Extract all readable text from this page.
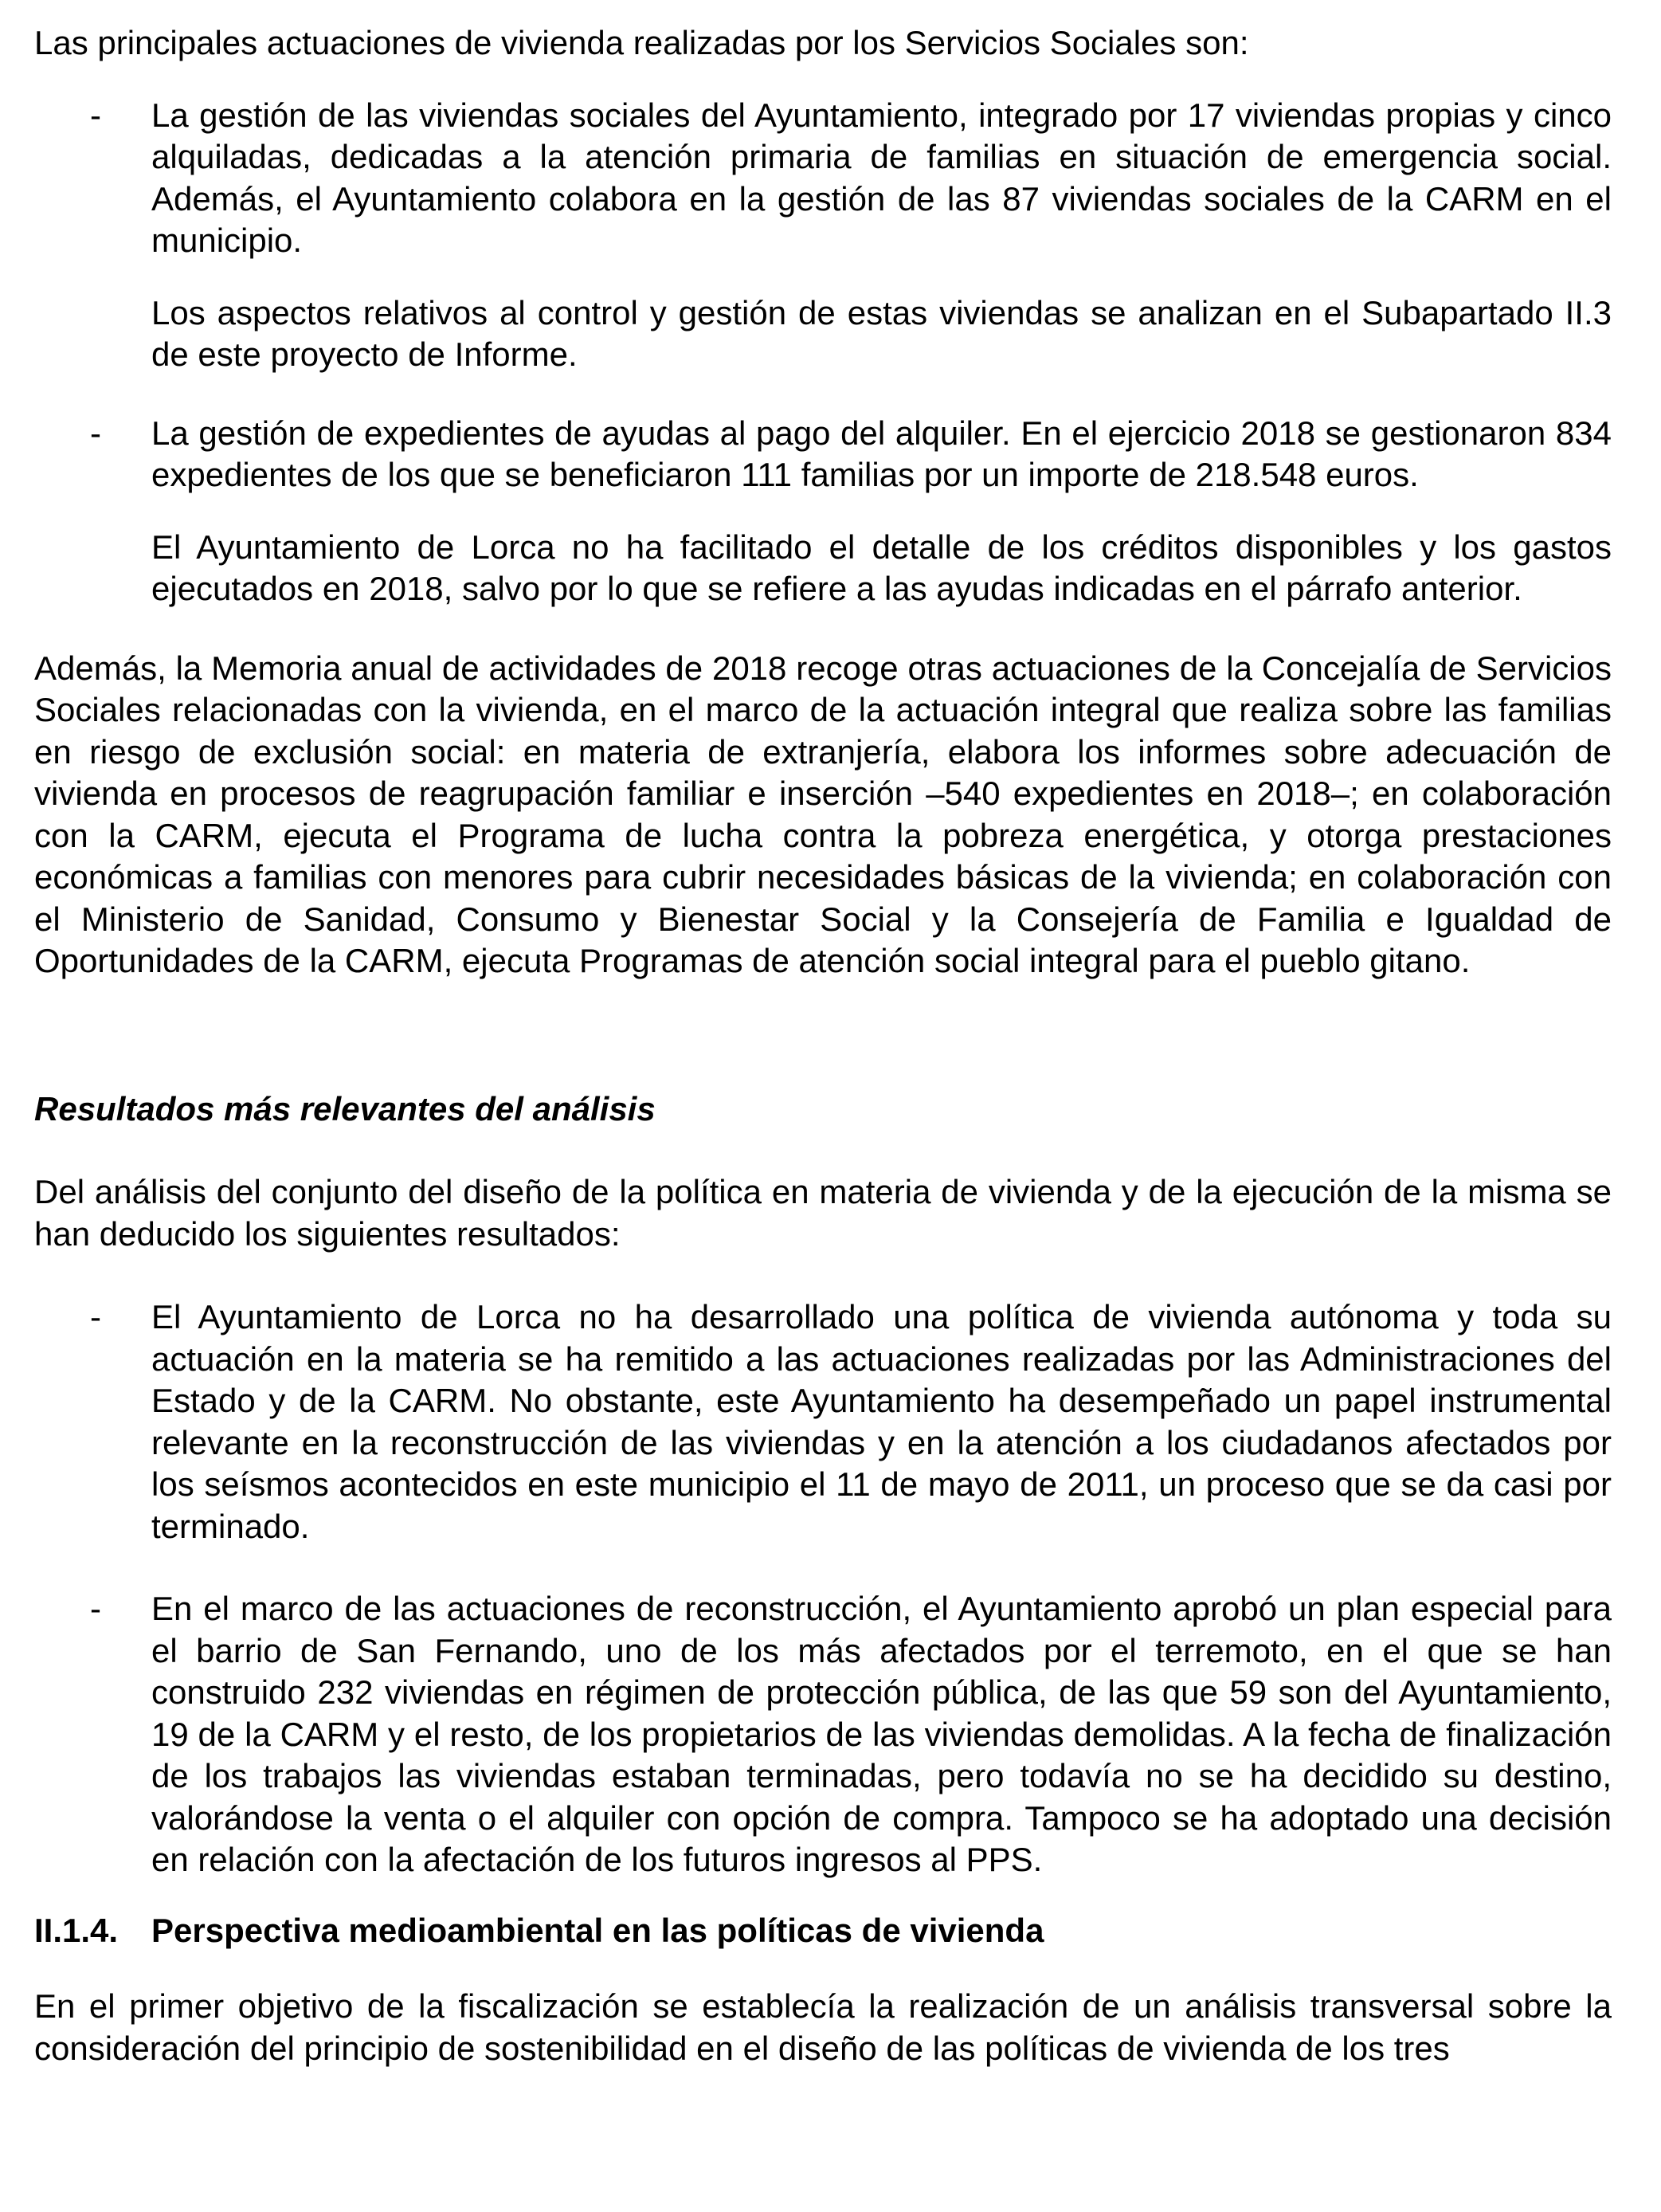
Las principales actuaciones de vivienda realizadas por los Servicios Sociales son:

- La gestión de las viviendas sociales del Ayuntamiento, integrado por 17 viviendas propias y cinco alquiladas, dedicadas a la atención primaria de familias en situación de emergencia social. Además, el Ayuntamiento colabora en la gestión de las 87 viviendas sociales de la CARM en el municipio.

Los aspectos relativos al control y gestión de estas viviendas se analizan en el Subapartado II.3 de este proyecto de Informe.

- La gestión de expedientes de ayudas al pago del alquiler. En el ejercicio 2018 se gestionaron 834 expedientes de los que se beneficiaron 111 familias por un importe de 218.548 euros.

El Ayuntamiento de Lorca no ha facilitado el detalle de los créditos disponibles y los gastos ejecutados en 2018, salvo por lo que se refiere a las ayudas indicadas en el párrafo anterior.

Además, la Memoria anual de actividades de 2018 recoge otras actuaciones de la Concejalía de Servicios Sociales relacionadas con la vivienda, en el marco de la actuación integral que realiza sobre las familias en riesgo de exclusión social: en materia de extranjería, elabora los informes sobre adecuación de vivienda en procesos de reagrupación familiar e inserción –540 expedientes en 2018–; en colaboración con la CARM, ejecuta el Programa de lucha contra la pobreza energética, y otorga prestaciones económicas a familias con menores para cubrir necesidades básicas de la vivienda; en colaboración con el Ministerio de Sanidad, Consumo y Bienestar Social y la Consejería de Familia e Igualdad de Oportunidades de la CARM, ejecuta Programas de atención social integral para el pueblo gitano.

Resultados más relevantes del análisis

Del análisis del conjunto del diseño de la política en materia de vivienda y de la ejecución de la misma se han deducido los siguientes resultados:

- El Ayuntamiento de Lorca no ha desarrollado una política de vivienda autónoma y toda su actuación en la materia se ha remitido a las actuaciones realizadas por las Administraciones del Estado y de la CARM. No obstante, este Ayuntamiento ha desempeñado un papel instrumental relevante en la reconstrucción de las viviendas y en la atención a los ciudadanos afectados por los seísmos acontecidos en este municipio el 11 de mayo de 2011, un proceso que se da casi por terminado.

- En el marco de las actuaciones de reconstrucción, el Ayuntamiento aprobó un plan especial para el barrio de San Fernando, uno de los más afectados por el terremoto, en el que se han construido 232 viviendas en régimen de protección pública, de las que 59 son del Ayuntamiento, 19 de la CARM y el resto, de los propietarios de las viviendas demolidas. A la fecha de finalización de los trabajos las viviendas estaban terminadas, pero todavía no se ha decidido su destino, valorándose la venta o el alquiler con opción de compra. Tampoco se ha adoptado una decisión en relación con la afectación de los futuros ingresos al PPS.

II.1.4. Perspectiva medioambiental en las políticas de vivienda

En el primer objetivo de la fiscalización se establecía la realización de un análisis transversal sobre la consideración del principio de sostenibilidad en el diseño de las políticas de vivienda de los tres
